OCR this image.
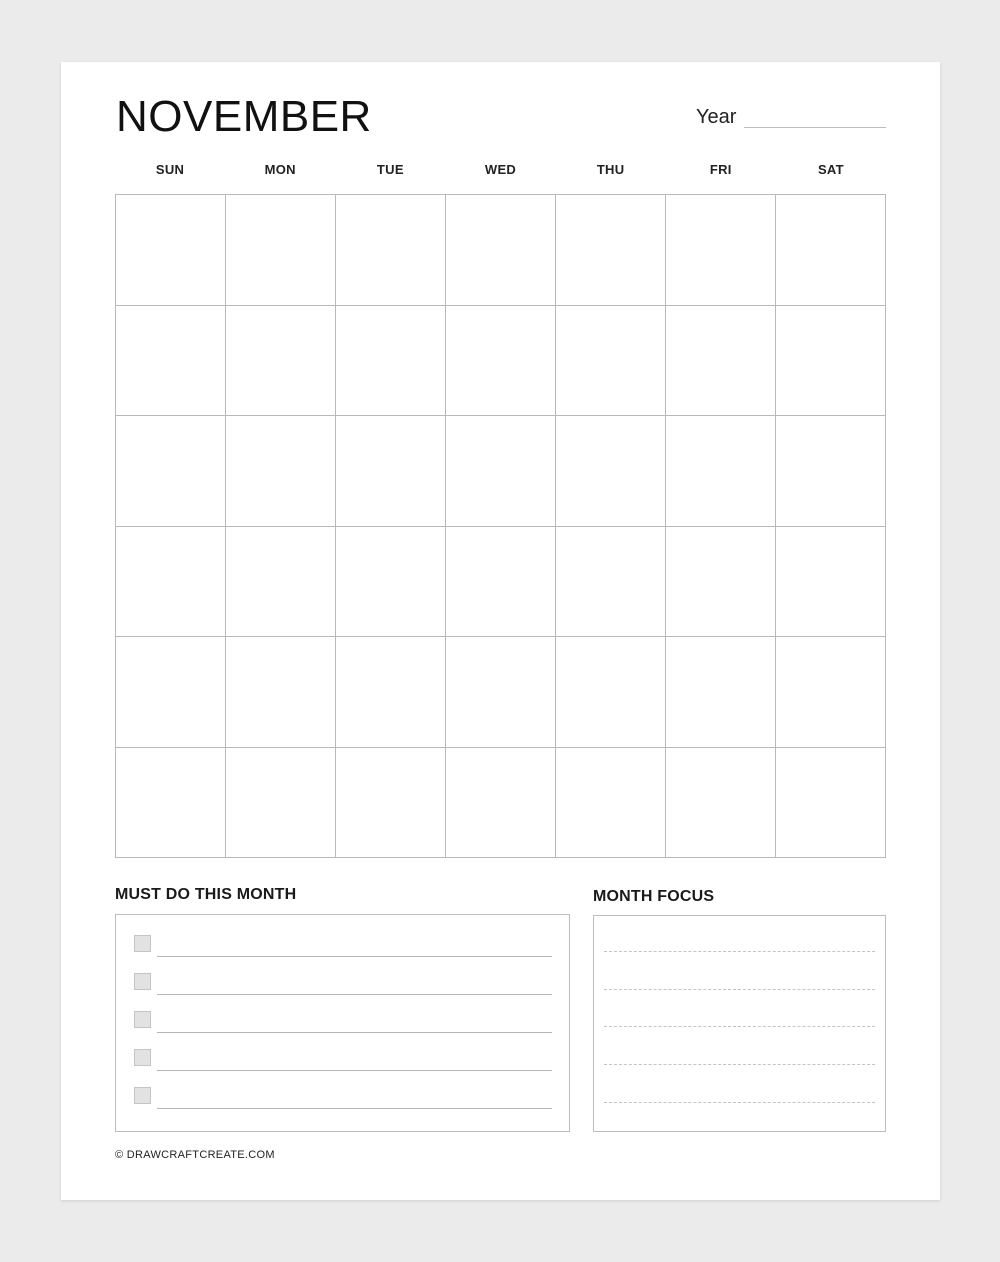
NOVEMBER	Year
SUN	MON	TUE	WED	THU	FRI	SAT
MUST DO THIS MONTH	MONTH FOCUS
© DRAWCRAFTCREATE.COM
